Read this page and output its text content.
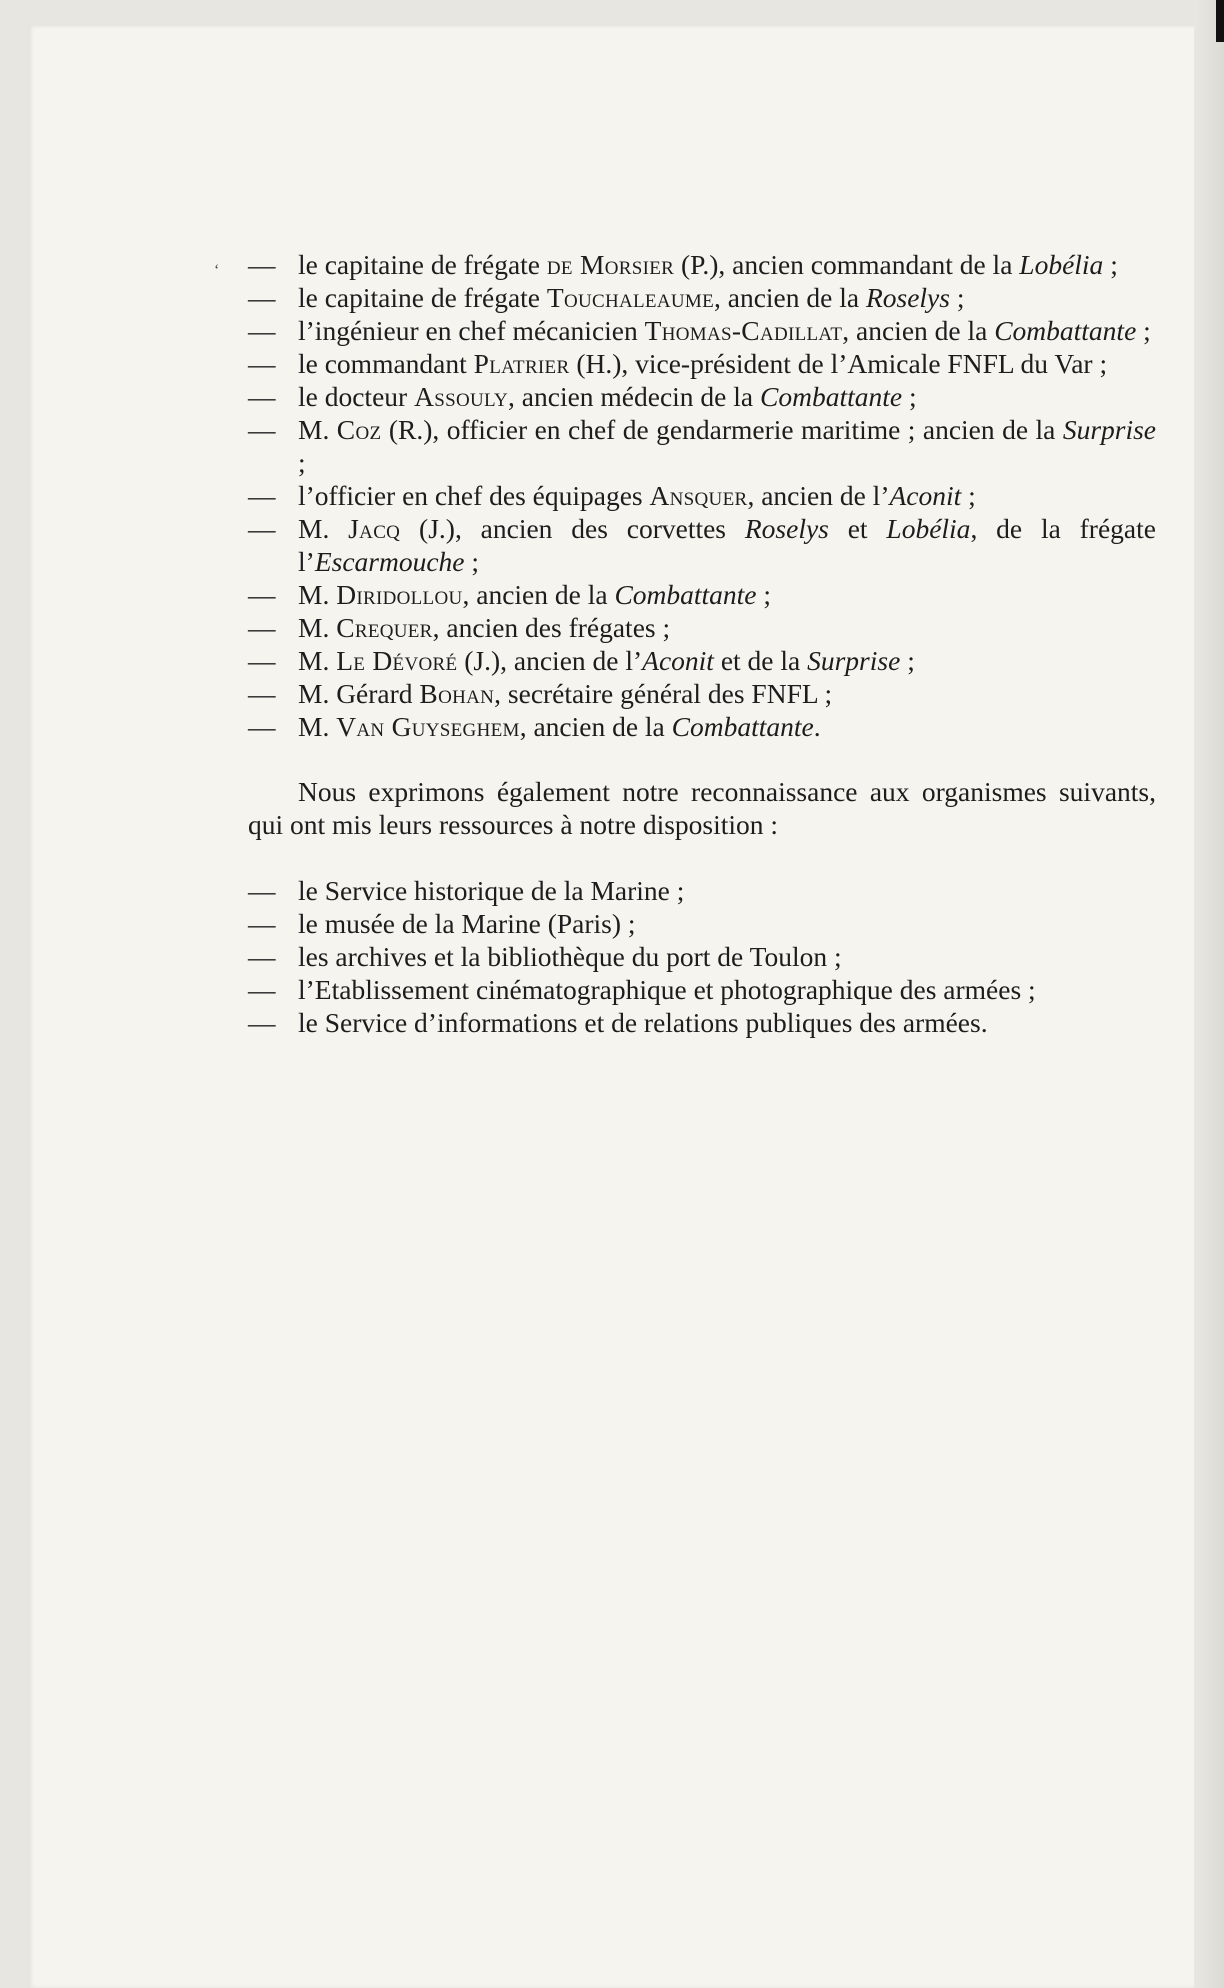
— le capitaine de frégate de Morsier (P.), ancien commandant de la Lobélia ;
— le capitaine de frégate Touchaleaume, ancien de la Roselys ;
— l’ingénieur en chef mécanicien Thomas-Cadillat, ancien de la Combattante ;
— le commandant Platrier (H.), vice-président de l’Amicale FNFL du Var ;
— le docteur Assouly, ancien médecin de la Combattante ;
— M. Coz (R.), officier en chef de gendarmerie maritime ; ancien de la Surprise ;
— l’officier en chef des équipages Ansquer, ancien de l’Aconit ;
— M. Jacq (J.), ancien des corvettes Roselys et Lobélia, de la frégate l’Escarmouche ;
— M. Diridollou, ancien de la Combattante ;
— M. Crequer, ancien des frégates ;
— M. Le Dévoré (J.), ancien de l’Aconit et de la Surprise ;
— M. Gérard Bohan, secrétaire général des FNFL ;
— M. Van Guyseghem, ancien de la Combattante.

Nous exprimons également notre reconnaissance aux organismes suivants, qui ont mis leurs ressources à notre disposition :

— le Service historique de la Marine ;
— le musée de la Marine (Paris) ;
— les archives et la bibliothèque du port de Toulon ;
— l’Etablissement cinématographique et photographique des armées ;
— le Service d’informations et de relations publiques des armées.
‘
